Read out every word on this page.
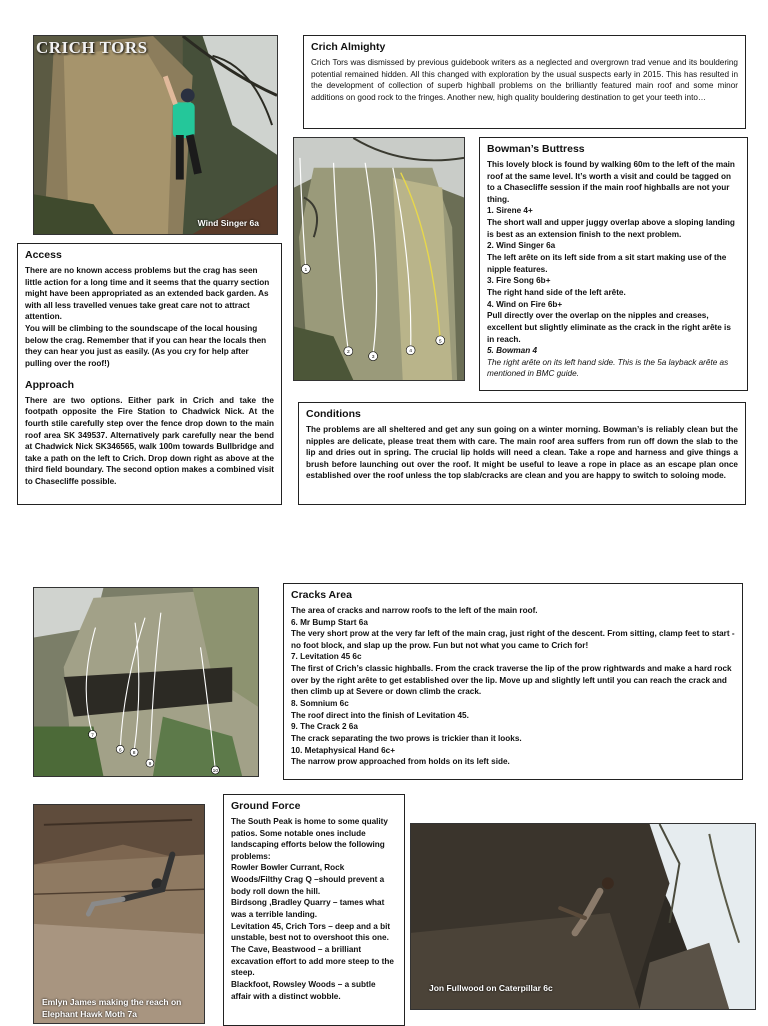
CRICH TORS
Wind Singer 6a
Crich Almighty

Crich Tors was dismissed by previous guidebook writers as a neglected and overgrown trad venue and its bouldering potential remained hidden. All this changed with exploration by the usual suspects early in 2015. This has resulted in the development of collection of superb highball problems on the brilliantly featured main roof and some minor additions on good rock to the fringes. Another new, high quality bouldering destination to get your teeth into…

1
2
3
4
5
Bowman’s Buttress

This lovely block is found by walking 60m to the left of the main roof at the same level. It’s worth a visit and could be tagged on to a Chasecliffe session if the main roof highballs are not your thing.

1. Sirene 4+

The short wall and upper juggy overlap above a sloping landing is best as an extension finish to the next problem.

2. Wind Singer 6a

The left arête on its left side from a sit start making use of the nipple features.

3. Fire Song 6b+

The right hand side of the left arête.

4. Wind on Fire 6b+

Pull directly over the overlap on the nipples and creases, excellent but slightly eliminate as the crack in the right arête is in reach.

5. Bowman 4

The right arête on its left hand side. This is the 5a layback arête as mentioned in BMC guide.

Access

There are no known access problems but the crag has seen little action for a long time and it seems that the quarry section might have been appropriated as an extended back garden. As with all less travelled venues take great care not to attract attention.

You will be climbing to the soundscape of the local housing below the crag. Remember that if you can hear the locals then they can hear you just as easily. (As you cry for help after pulling over the roof!)

Approach

There are two options. Either park in Crich and take the footpath opposite the Fire Station to Chadwick Nick. At the fourth stile carefully step over the fence drop down to the main roof area SK 349537. Alternatively park carefully near the bend at Chadwick Nick SK346565, walk 100m towards Bullbridge and take a path on the left to Crich. Drop down right as above at the third field boundary. The second option makes a combined visit to Chasecliffe possible.

Conditions

The problems are all sheltered and get any sun going on a winter morning. Bowman’s is reliably clean but the nipples are delicate, please treat them with care. The main roof area suffers from run off down the slab to the lip and dries out in spring. The crucial lip holds will need a clean. Take a rope and harness and give things a brush before launching out over the roof. It might be useful to leave a rope in place as an escape plan once established over the roof unless the top slab/cracks are clean and you are happy to switch to soloing mode.

7
6
8
9
10
Cracks Area

The area of cracks and narrow roofs to the left of the main roof.

6. Mr Bump Start 6a

The very short prow at the very far left of the main crag, just right of the descent. From sitting, clamp feet to start - no foot block, and slap up the prow. Fun but not what you came to Crich for!

7. Levitation 45 6c

The first of Crich’s classic highballs. From the crack traverse the lip of the prow rightwards and make a hard rock over by the right arête to get established over the lip. Move up and slightly left until you can reach the crack and then climb up at Severe or down climb the crack.

8. Somnium 6c

The roof direct into the finish of Levitation 45.

9. The Crack 2 6a

The crack separating the two prows is trickier than it looks.

10. Metaphysical Hand 6c+

The narrow prow approached from holds on its left side.

Emlyn James making the reach on Elephant Hawk Moth 7a
Ground Force

The South Peak is home to some quality patios. Some notable ones include landscaping efforts below the following problems:

Rowler Bowler Currant, Rock Woods/Filthy Crag Q –should prevent a body roll down the hill.

Birdsong ,Bradley Quarry – tames what was a terrible landing.

Levitation 45, Crich Tors – deep and a bit unstable, best not to overshoot this one.

The Cave, Beastwood – a brilliant excavation effort to add more steep to the steep.

Blackfoot, Rowsley Woods – a subtle affair with a distinct wobble.

Jon Fullwood on Caterpillar 6c
